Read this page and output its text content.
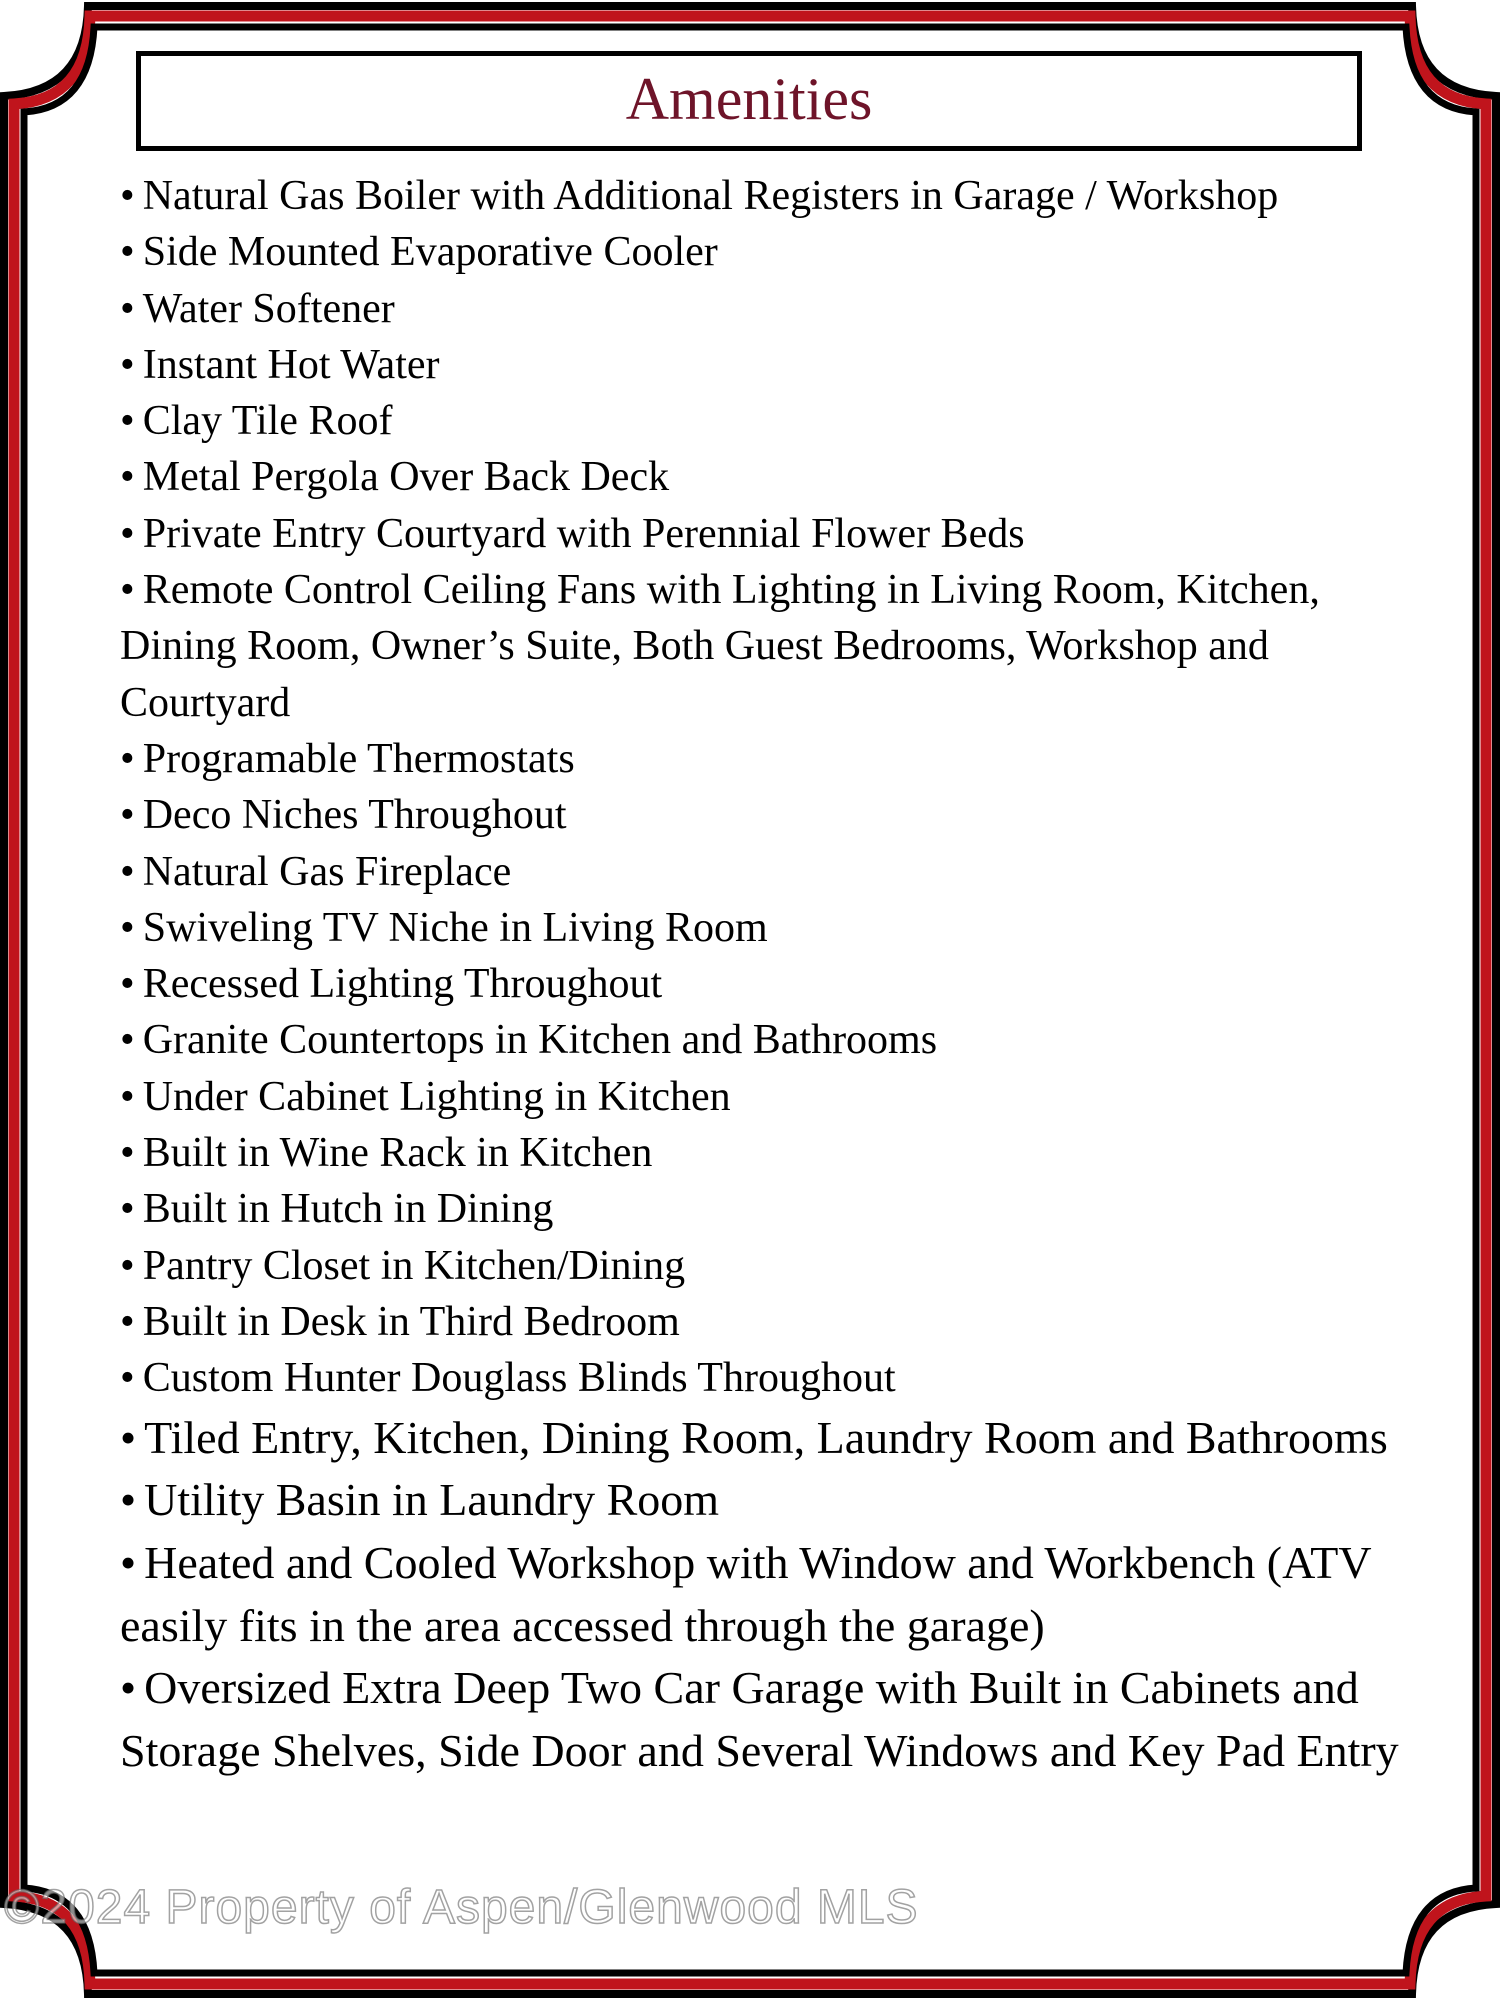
Amenities
• Natural Gas Boiler with Additional Registers in Garage / Workshop
• Side Mounted Evaporative Cooler
• Water Softener
• Instant Hot Water
• Clay Tile Roof
• Metal Pergola Over Back Deck
• Private Entry Courtyard with Perennial Flower Beds
• Remote Control Ceiling Fans with Lighting in Living Room, Kitchen, Dining Room, Owner’s Suite, Both Guest Bedrooms, Workshop and Courtyard
• Programable Thermostats
• Deco Niches Throughout
• Natural Gas Fireplace
• Swiveling TV Niche in Living Room
• Recessed Lighting Throughout
• Granite Countertops in Kitchen and Bathrooms
• Under Cabinet Lighting in Kitchen
• Built in Wine Rack in Kitchen
• Built in Hutch in Dining
• Pantry Closet in Kitchen/Dining
• Built in Desk in Third Bedroom
• Custom Hunter Douglass Blinds Throughout
• Tiled Entry, Kitchen, Dining Room, Laundry Room and Bathrooms
• Utility Basin in Laundry Room
• Heated and Cooled Workshop with Window and Workbench (ATV easily fits in the area accessed through the garage)
• Oversized Extra Deep Two Car Garage with Built in Cabinets and Storage Shelves, Side Door and Several Windows and Key Pad Entry
©2024 Property of Aspen/Glenwood MLS
